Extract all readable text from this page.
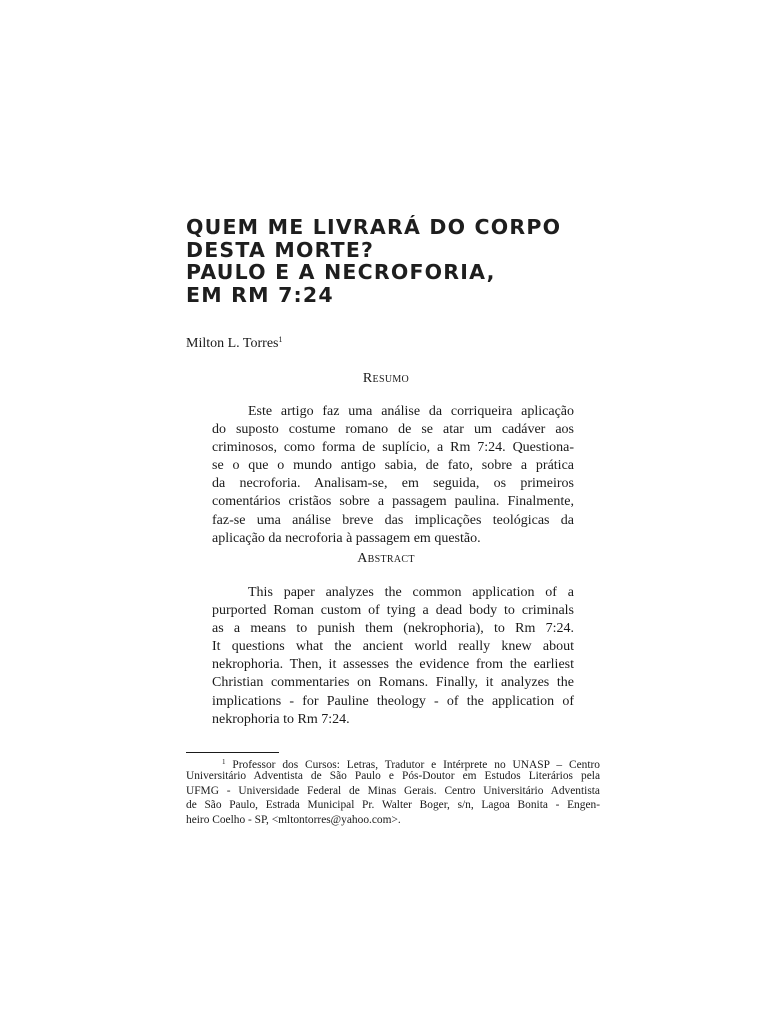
QUEM ME LIVRARÁ DO CORPO
DESTA MORTE?
PAULO E A NECROFORIA,
EM RM 7:24
Milton L. Torres$^1$
Resumo
Este artigo faz uma análise da corriqueira aplicação
do suposto costume romano de se atar um cadáver aos
criminosos, como forma de suplício, a Rm 7:24. Questiona-
se o que o mundo antigo sabia, de fato, sobre a prática
da necroforia. Analisam-se, em seguida, os primeiros
comentários cristãos sobre a passagem paulina. Finalmente,
faz-se uma análise breve das implicações teológicas da
aplicação da necroforia à passagem em questão.
Abstract
This paper analyzes the common application of a
purported Roman custom of tying a dead body to criminals
as a means to punish them (nekrophoria), to Rm 7:24.
It questions what the ancient world really knew about
nekrophoria. Then, it assesses the evidence from the earliest
Christian commentaries on Romans. Finally, it analyzes the
implications - for Pauline theology - of the application of
nekrophoria to Rm 7:24.
$^1$ Professor dos Cursos: Letras, Tradutor e Intérprete no UNASP – Centro
Universitário Adventista de São Paulo e Pós-Doutor em Estudos Literários pela
UFMG - Universidade Federal de Minas Gerais. Centro Universitário Adventista
de São Paulo, Estrada Municipal Pr. Walter Boger, s/n, Lagoa Bonita - Engen-
heiro Coelho - SP, <mltontorres@yahoo.com>.
